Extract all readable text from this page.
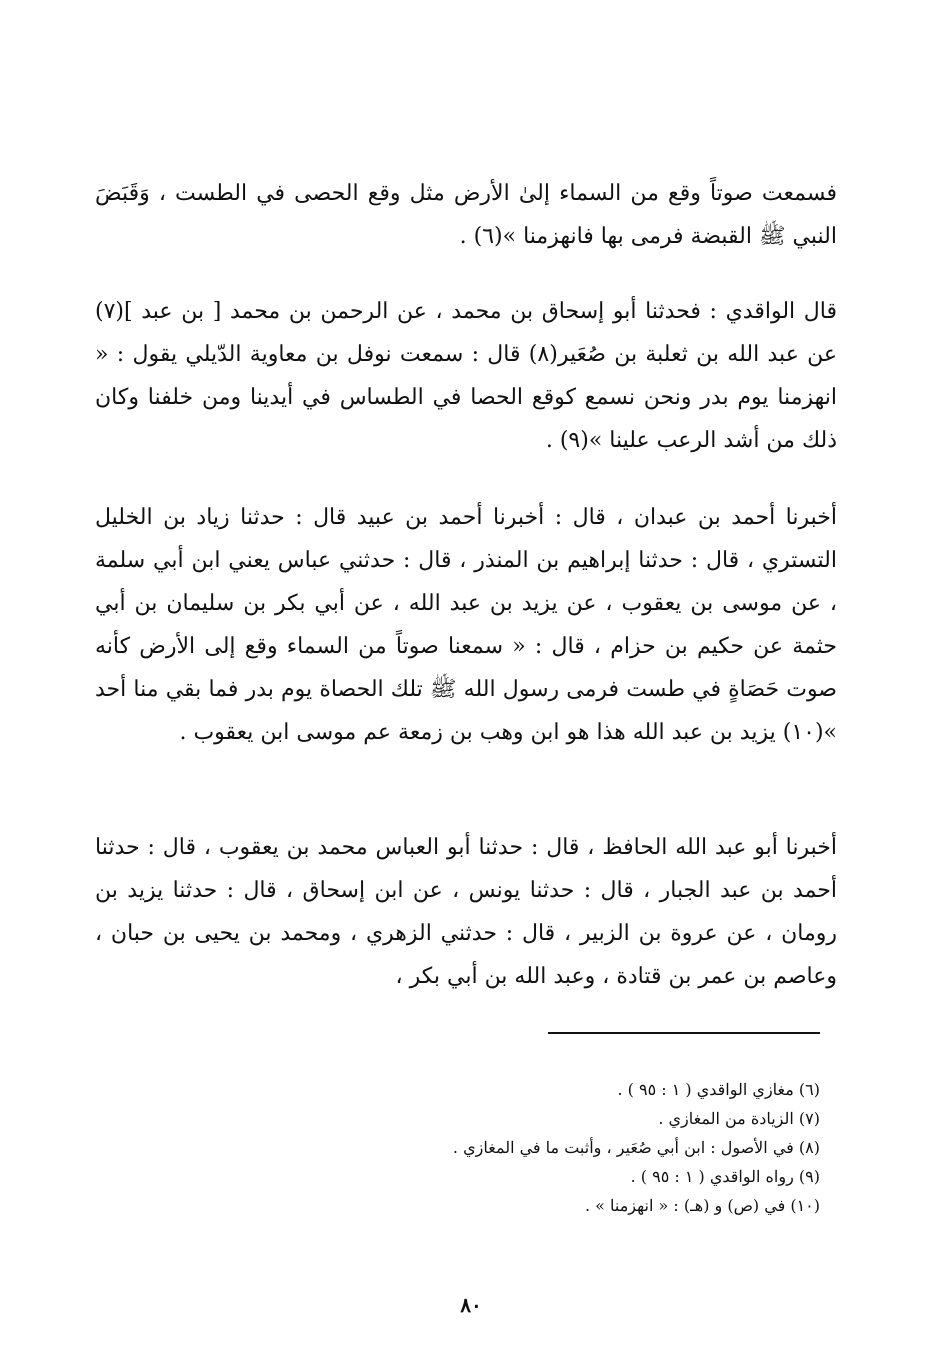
فسمعت صوتاً وقع من السماء إلىٰ الأرض مثل وقع الحصى في الطست ، وَقَبَضَ النبي ﷺ القبضة فرمى بها فانهزمنا »(٦) .

قال الواقدي : فحدثنا أبو إسحاق بن محمد ، عن الرحمن بن محمد [ بن عبد ](٧) عن عبد الله بن ثعلبة بن صُعَير(٨) قال : سمعت نوفل بن معاوية الدّيلي يقول : « انهزمنا يوم بدر ونحن نسمع كوقع الحصا في الطساس في أيدينا ومن خلفنا وكان ذلك من أشد الرعب علينا »(٩) .

أخبرنا أحمد بن عبدان ، قال : أخبرنا أحمد بن عبيد قال : حدثنا زياد بن الخليل التستري ، قال : حدثنا إبراهيم بن المنذر ، قال : حدثني عباس يعني ابن أبي سلمة ، عن موسى بن يعقوب ، عن يزيد بن عبد الله ، عن أبي بكر بن سليمان بن أبي حثمة عن حكيم بن حزام ، قال : « سمعنا صوتاً من السماء وقع إلى الأرض كأنه صوت حَصَاةٍ في طست فرمى رسول الله ﷺ تلك الحصاة يوم بدر فما بقي منا أحد »(١٠) يزيد بن عبد الله هذا هو ابن وهب بن زمعة عم موسى ابن يعقوب .

أخبرنا أبو عبد الله الحافظ ، قال : حدثنا أبو العباس محمد بن يعقوب ، قال : حدثنا أحمد بن عبد الجبار ، قال : حدثنا يونس ، عن ابن إسحاق ، قال : حدثنا يزيد بن رومان ، عن عروة بن الزبير ، قال : حدثني الزهري ، ومحمد بن يحيى بن حبان ، وعاصم بن عمر بن قتادة ، وعبد الله بن أبي بكر ،

(٦) مغازي الواقدي ( ١ : ٩٥ ) .
(٧) الزيادة من المغازي .
(٨) في الأصول : ابن أبي صُعَير ، وأثبت ما في المغازي .
(٩) رواه الواقدي ( ١ : ٩٥ ) .
(١٠) في (ص) و (هـ) : « انهزمنا » .
٨٠
